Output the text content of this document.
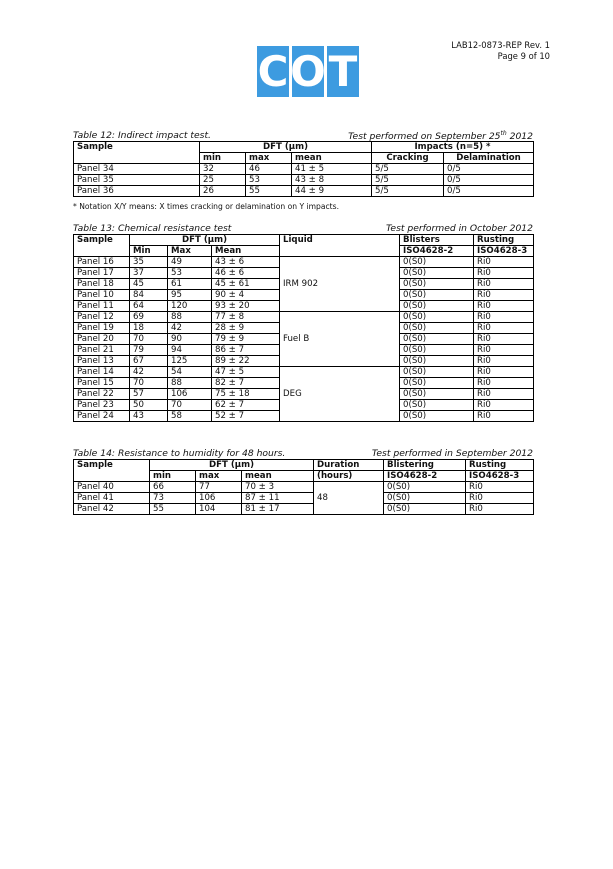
C O T
LAB12-0873-REP Rev. 1
Page 9 of 10
Table 12: Indirect impact test.	Test performed on September 25th 2012
Sample	DFT (µm)			Impacts (n=5) *	
	min	max	mean	Cracking	Delamination
Panel 34	32	46	41 ± 5	5/5	0/5
Panel 35	25	53	43 ± 8	5/5	0/5
Panel 36	26	55	44 ± 9	5/5	0/5
* Notation X/Y means: X times cracking or delamination on Y impacts.
Table 13: Chemical resistance test	Test performed in October 2012
Sample	DFT (µm)			Liquid	Blisters	Rusting
	Min	Max	Mean		ISO4628-2	ISO4628-3
Panel 16	35	49	43 ± 6	IRM 902	0(S0)	Ri0
Panel 17	37	53	46 ± 6		0(S0)	Ri0
Panel 18	45	61	45 ± 61		0(S0)	Ri0
Panel 10	84	95	90 ± 4		0(S0)	Ri0
Panel 11	64	120	93 ± 20		0(S0)	Ri0
Panel 12	69	88	77 ± 8	Fuel B	0(S0)	Ri0
Panel 19	18	42	28 ± 9		0(S0)	Ri0
Panel 20	70	90	79 ± 9		0(S0)	Ri0
Panel 21	79	94	86 ± 7		0(S0)	Ri0
Panel 13	67	125	89 ± 22		0(S0)	Ri0
Panel 14	42	54	47 ± 5	DEG	0(S0)	Ri0
Panel 15	70	88	82 ± 7		0(S0)	Ri0
Panel 22	57	106	75 ± 18		0(S0)	Ri0
Panel 23	50	70	62 ± 7		0(S0)	Ri0
Panel 24	43	58	52 ± 7		0(S0)	Ri0
Table 14: Resistance to humidity for 48 hours.	Test performed in September 2012
Sample	DFT (µm)			Duration	Blistering	Rusting
	min	max	mean	(hours)	ISO4628-2	ISO4628-3
Panel 40	66	77	70 ± 3	48	0(S0)	Ri0
Panel 41	73	106	87 ± 11		0(S0)	Ri0
Panel 42	55	104	81 ± 17		0(S0)	Ri0
